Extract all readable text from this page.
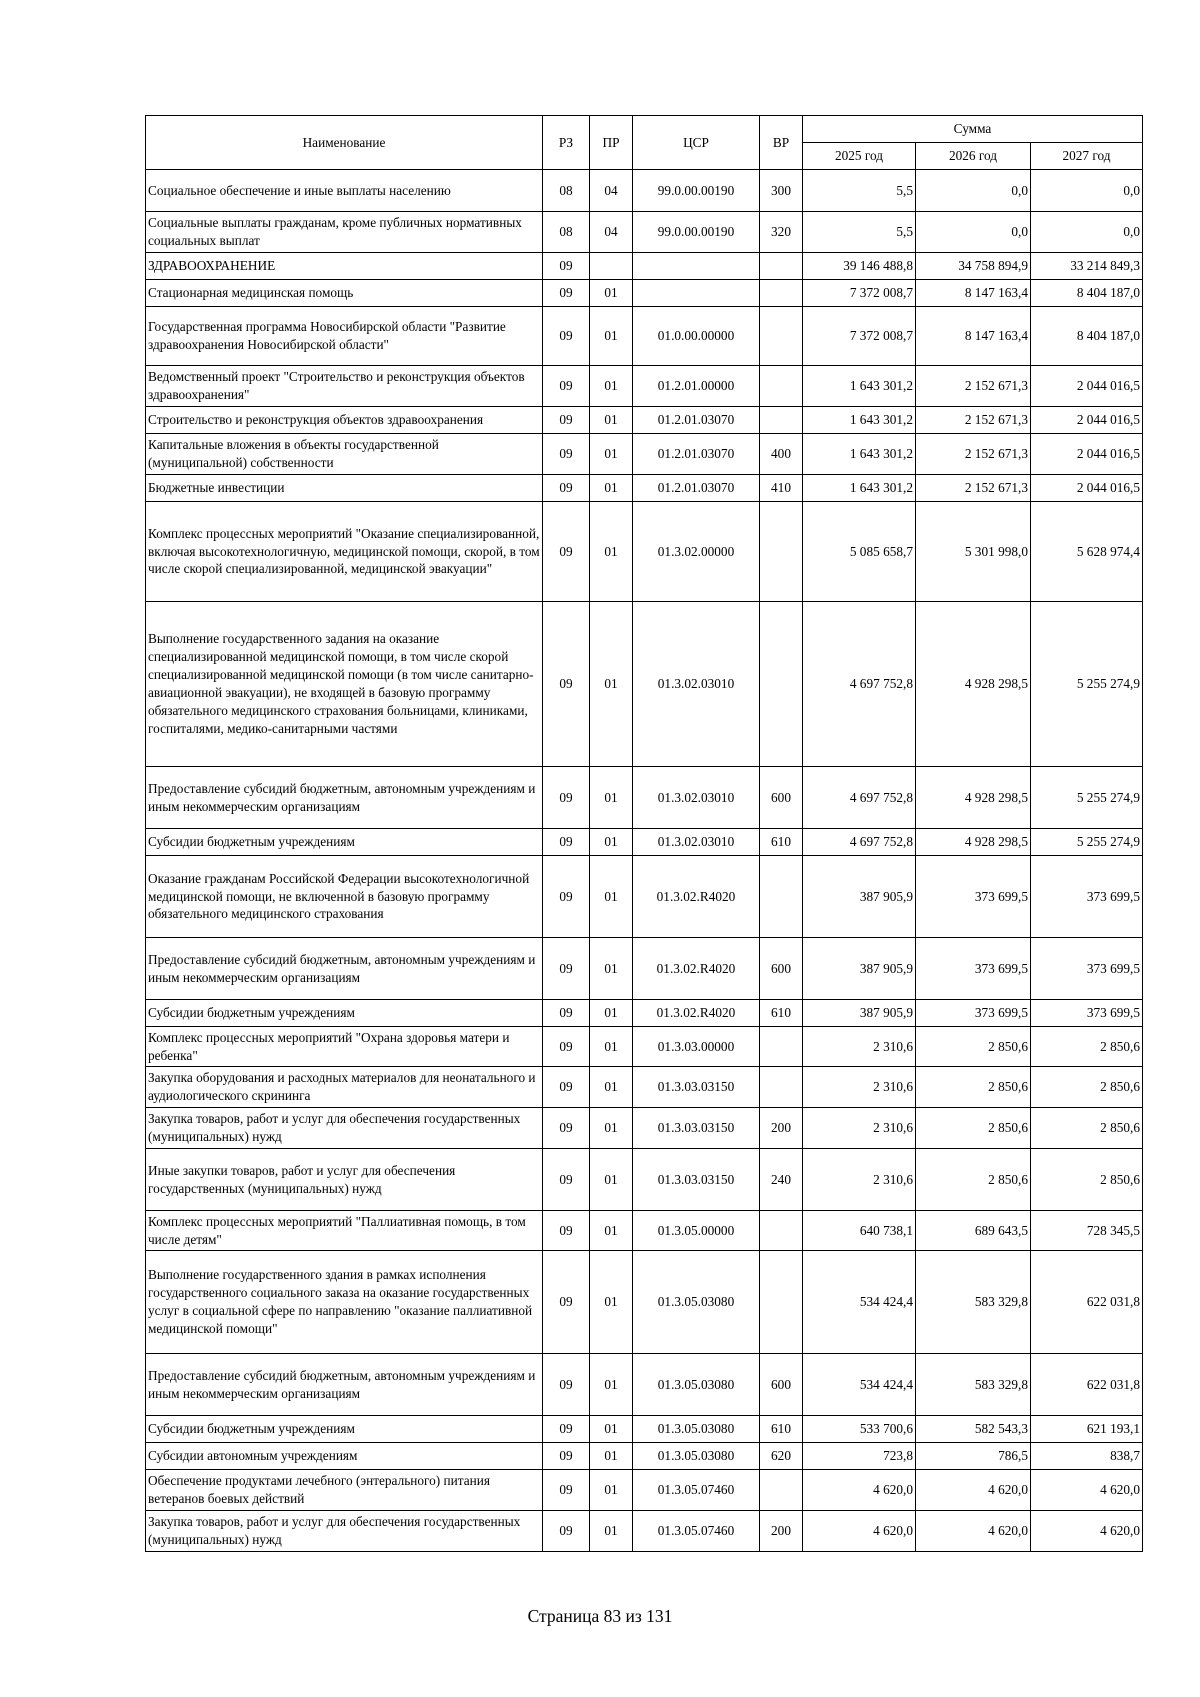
Наименование	РЗ	ПР	ЦСР	ВР	Сумма		
					2025 год	2026 год	2027 год
Социальное обеспечение и иные выплаты населению	08	04	99.0.00.00190	300	5,5	0,0	0,0
Социальные выплаты гражданам, кроме публичных нормативных социальных выплат	08	04	99.0.00.00190	320	5,5	0,0	0,0
ЗДРАВООХРАНЕНИЕ	09				39 146 488,8	34 758 894,9	33 214 849,3
Стационарная медицинская помощь	09	01			7 372 008,7	8 147 163,4	8 404 187,0
Государственная программа Новосибирской области "Развитие здравоохранения Новосибирской области"	09	01	01.0.00.00000		7 372 008,7	8 147 163,4	8 404 187,0
Ведомственный проект "Строительство и реконструкция объектов здравоохранения"	09	01	01.2.01.00000		1 643 301,2	2 152 671,3	2 044 016,5
Строительство и реконструкция объектов здравоохранения	09	01	01.2.01.03070		1 643 301,2	2 152 671,3	2 044 016,5
Капитальные вложения в объекты государственной (муниципальной) собственности	09	01	01.2.01.03070	400	1 643 301,2	2 152 671,3	2 044 016,5
Бюджетные инвестиции	09	01	01.2.01.03070	410	1 643 301,2	2 152 671,3	2 044 016,5
Комплекс процессных мероприятий "Оказание специализированной, включая высокотехнологичную, медицинской помощи, скорой, в том числе скорой специализированной, медицинской эвакуации"	09	01	01.3.02.00000		5 085 658,7	5 301 998,0	5 628 974,4
Выполнение государственного задания на оказание специализированной медицинской помощи, в том числе скорой специализированной медицинской помощи (в том числе санитарно-авиационной эвакуации), не входящей в базовую программу обязательного медицинского страхования больницами, клиниками, госпиталями, медико-санитарными частями	09	01	01.3.02.03010		4 697 752,8	4 928 298,5	5 255 274,9
Предоставление субсидий бюджетным, автономным учреждениям и иным некоммерческим организациям	09	01	01.3.02.03010	600	4 697 752,8	4 928 298,5	5 255 274,9
Субсидии бюджетным учреждениям	09	01	01.3.02.03010	610	4 697 752,8	4 928 298,5	5 255 274,9
Оказание гражданам Российской Федерации высокотехнологичной медицинской помощи, не включенной в базовую программу обязательного медицинского страхования	09	01	01.3.02.R4020		387 905,9	373 699,5	373 699,5
Предоставление субсидий бюджетным, автономным учреждениям и иным некоммерческим организациям	09	01	01.3.02.R4020	600	387 905,9	373 699,5	373 699,5
Субсидии бюджетным учреждениям	09	01	01.3.02.R4020	610	387 905,9	373 699,5	373 699,5
Комплекс процессных мероприятий "Охрана здоровья матери и ребенка"	09	01	01.3.03.00000		2 310,6	2 850,6	2 850,6
Закупка оборудования и расходных материалов для неонатального и аудиологического скрининга	09	01	01.3.03.03150		2 310,6	2 850,6	2 850,6
Закупка товаров, работ и услуг для обеспечения государственных (муниципальных) нужд	09	01	01.3.03.03150	200	2 310,6	2 850,6	2 850,6
Иные закупки товаров, работ и услуг для обеспечения государственных (муниципальных) нужд	09	01	01.3.03.03150	240	2 310,6	2 850,6	2 850,6
Комплекс процессных мероприятий "Паллиативная помощь, в том числе детям"	09	01	01.3.05.00000		640 738,1	689 643,5	728 345,5
Выполнение государственного здания в рамках исполнения государственного социального заказа на оказание государственных услуг в социальной сфере по направлению "оказание паллиативной медицинской помощи"	09	01	01.3.05.03080		534 424,4	583 329,8	622 031,8
Предоставление субсидий бюджетным, автономным учреждениям и иным некоммерческим организациям	09	01	01.3.05.03080	600	534 424,4	583 329,8	622 031,8
Субсидии бюджетным учреждениям	09	01	01.3.05.03080	610	533 700,6	582 543,3	621 193,1
Субсидии автономным учреждениям	09	01	01.3.05.03080	620	723,8	786,5	838,7
Обеспечение продуктами лечебного (энтерального) питания ветеранов боевых действий	09	01	01.3.05.07460		4 620,0	4 620,0	4 620,0
Закупка товаров, работ и услуг для обеспечения государственных (муниципальных) нужд	09	01	01.3.05.07460	200	4 620,0	4 620,0	4 620,0
Страница 83 из 131
